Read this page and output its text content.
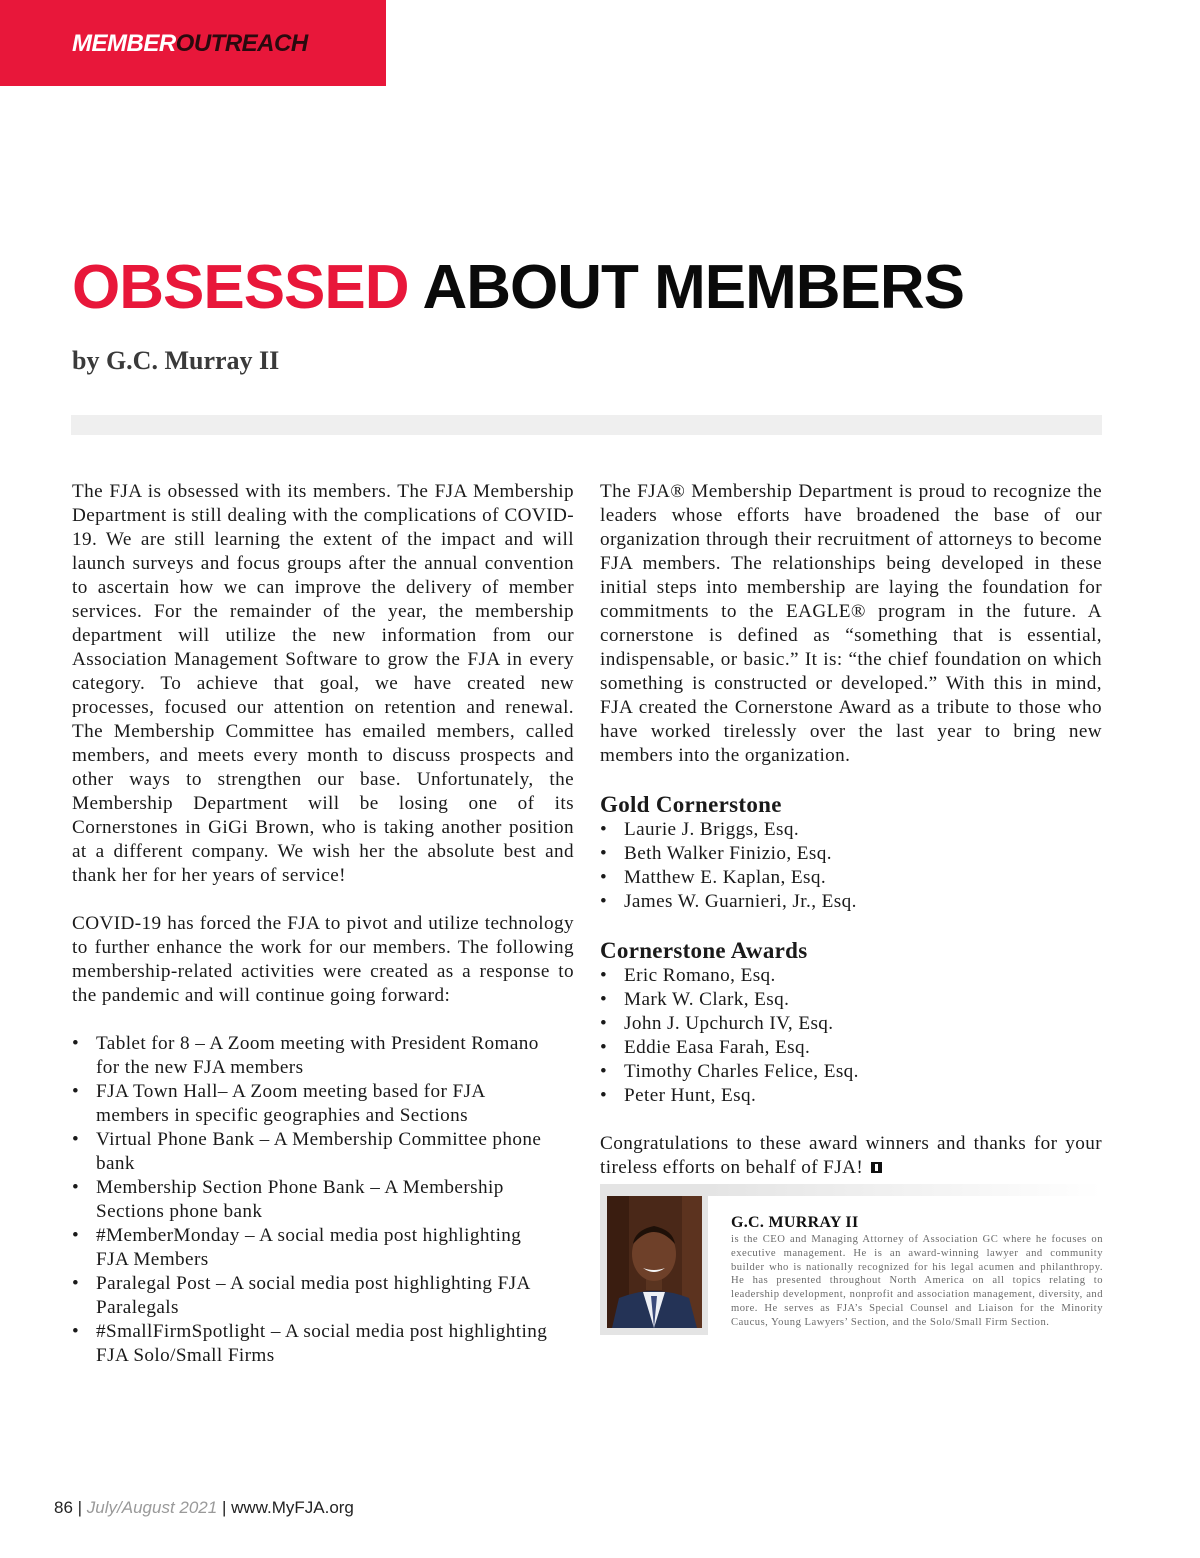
MEMBEROUTREACH
OBSESSED ABOUT MEMBERS
by G.C. Murray II

The FJA is obsessed with its members. The FJA Membership Department is still dealing with the complications of COVID-19. We are still learning the extent of the impact and will launch surveys and focus groups after the annual convention to ascertain how we can improve the delivery of member services. For the remainder of the year, the membership department will utilize the new information from our Association Management Software to grow the FJA in every category. To achieve that goal, we have created new processes, focused our attention on retention and renewal. The Membership Committee has emailed members, called members, and meets every month to discuss prospects and other ways to strengthen our base. Unfortunately, the Membership Department will be losing one of its Cornerstones in GiGi Brown, who is taking another position at a different company. We wish her the absolute best and thank her for her years of service!

COVID-19 has forced the FJA to pivot and utilize technology to further enhance the work for our members. The following membership-related activities were created as a response to the pandemic and will continue going forward:

• Tablet for 8 – A Zoom meeting with President Romano for the new FJA members
• FJA Town Hall– A Zoom meeting based for FJA members in specific geographies and Sections
• Virtual Phone Bank – A Membership Committee phone bank
• Membership Section Phone Bank – A Membership Sections phone bank
• #MemberMonday – A social media post highlighting FJA Members
• Paralegal Post – A social media post highlighting FJA Paralegals
• #SmallFirmSpotlight – A social media post highlighting FJA Solo/Small Firms

The FJA® Membership Department is proud to recognize the leaders whose efforts have broadened the base of our organization through their recruitment of attorneys to become FJA members. The relationships being developed in these initial steps into membership are laying the foundation for commitments to the EAGLE® program in the future. A cornerstone is defined as “something that is essential, indispensable, or basic.” It is: “the chief foundation on which something is constructed or developed.” With this in mind, FJA created the Cornerstone Award as a tribute to those who have worked tirelessly over the last year to bring new members into the organization.

Gold Cornerstone
• Laurie J. Briggs, Esq.
• Beth Walker Finizio, Esq.
• Matthew E. Kaplan, Esq.
• James W. Guarnieri, Jr., Esq.
Cornerstone Awards
• Eric Romano, Esq.
• Mark W. Clark, Esq.
• John J. Upchurch IV, Esq.
• Eddie Easa Farah, Esq.
• Timothy Charles Felice, Esq.
• Peter Hunt, Esq.

Congratulations to these award winners and thanks for your tireless efforts on behalf of FJA!

G.C. MURRAY II

is the CEO and Managing Attorney of Association GC where he focuses on executive management. He is an award-winning lawyer and community builder who is nationally recognized for his legal acumen and philanthropy. He has presented throughout North America on all topics relating to leadership development, nonprofit and association management, diversity, and more. He serves as FJA’s Special Counsel and Liaison for the Minority Caucus, Young Lawyers’ Section, and the Solo/Small Firm Section.

86 | July/August 2021 | www.MyFJA.org
